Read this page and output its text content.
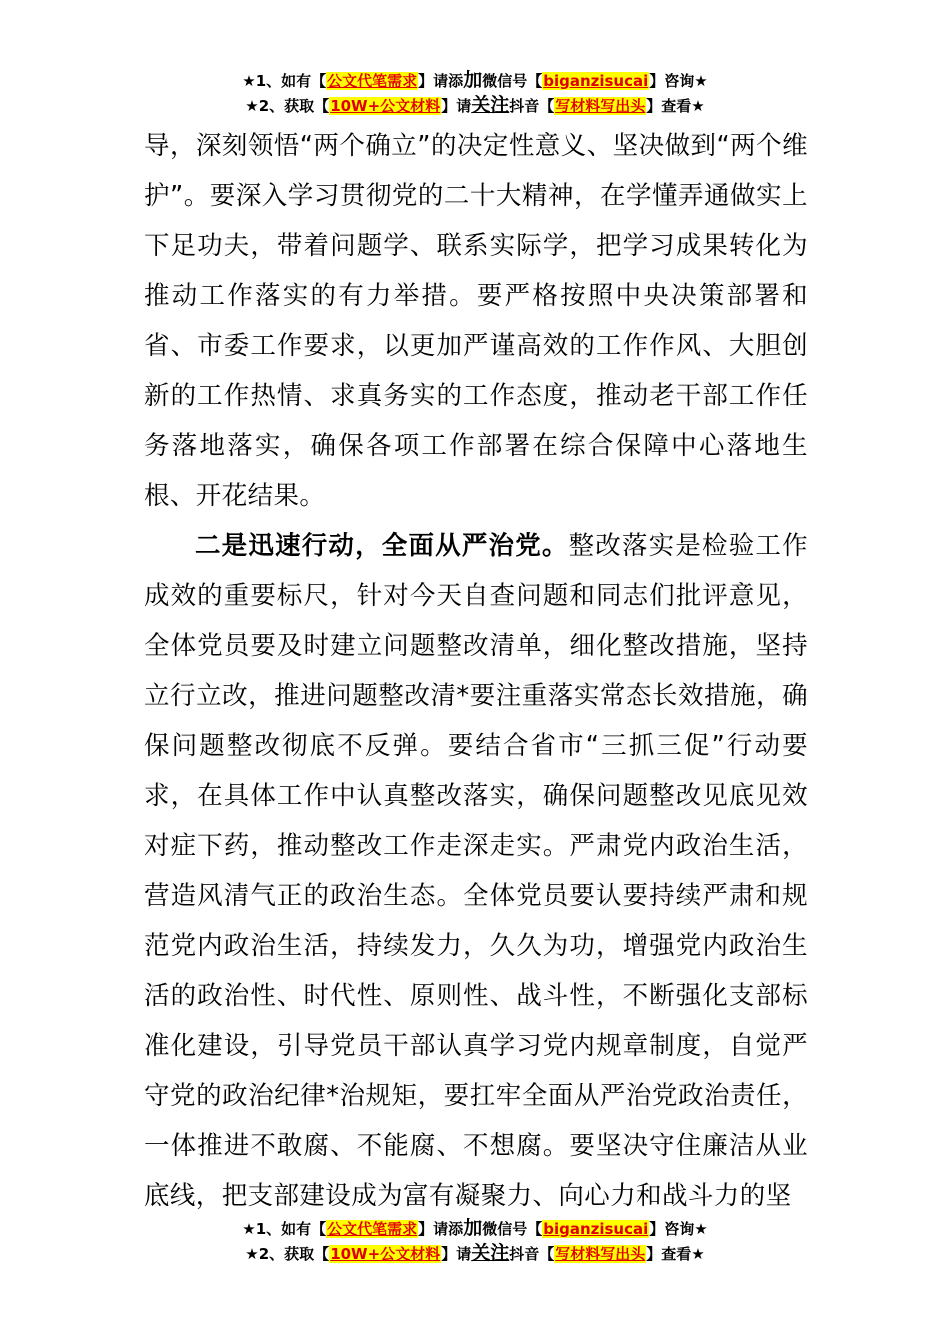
★1、如有【公文代笔需求】请添加微信号【biganzisucai】咨询★
★2、获取【10W+公文材料】请关注抖音【写材料写出头】查看★

导，深刻领悟“两个确立”的决定性意义、坚决做到“两个维护”。要深入学习贯彻党的二十大精神，在学懂弄通做实上下足功夫，带着问题学、联系实际学，把学习成果转化为推动工作落实的有力举措。要严格按照中央决策部署和省、市委工作要求，以更加严谨高效的工作作风、大胆创新的工作热情、求真务实的工作态度，推动老干部工作任务落地落实，确保各项工作部署在综合保障中心落地生根、开花结果。

二是迅速行动，全面从严治党。整改落实是检验工作成效的重要标尺，针对今天自查问题和同志们批评意见，全体党员要及时建立问题整改清单，细化整改措施，坚持立行立改，推进问题整改清*要注重落实常态长效措施，确保问题整改彻底不反弹。要结合省市“三抓三促”行动要求，在具体工作中认真整改落实，确保问题整改见底见效对症下药，推动整改工作走深走实。严肃党内政治生活，营造风清气正的政治生态。全体党员要认要持续严肃和规范党内政治生活，持续发力，久久为功，增强党内政治生活的政治性、时代性、原则性、战斗性，不断强化支部标准化建设，引导党员干部认真学习党内规章制度，自觉严守党的政治纪律*治规矩，要扛牢全面从严治党政治责任，一体推进不敢腐、不能腐、不想腐。要坚决守住廉洁从业底线，把支部建设成为富有凝聚力、向心力和战斗力的坚

★1、如有【公文代笔需求】请添加微信号【biganzisucai】咨询★
★2、获取【10W+公文材料】请关注抖音【写材料写出头】查看★
